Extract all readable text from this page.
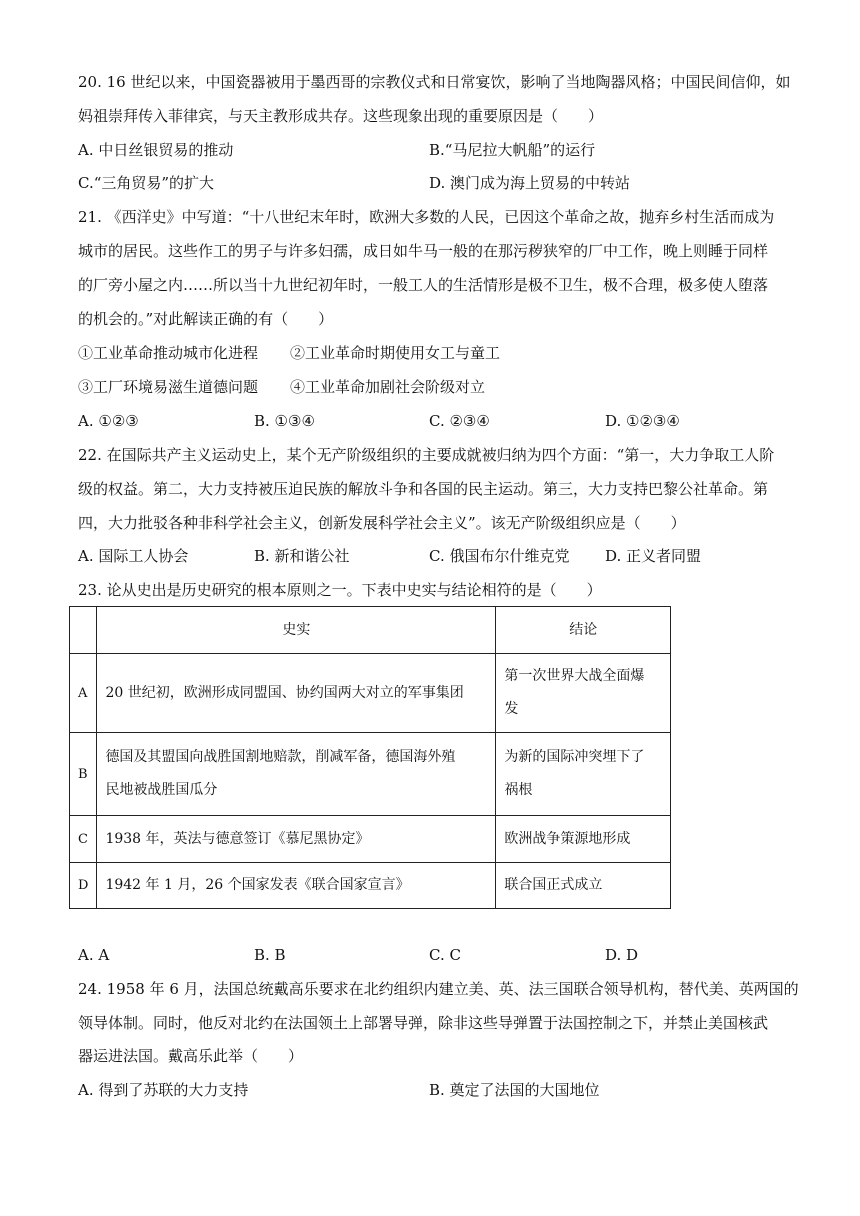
20. 16 世纪以来，中国瓷器被用于墨西哥的宗教仪式和日常宴饮，影响了当地陶器风格；中国民间信仰，如
妈祖崇拜传入菲律宾，与天主教形成共存。这些现象出现的重要原因是（　　）
A. 中日丝银贸易的推动	B.“马尼拉大帆船”的运行
C.“三角贸易”的扩大	D. 澳门成为海上贸易的中转站
21. 《西洋史》中写道：“十八世纪末年时，欧洲大多数的人民，已因这个革命之故，抛弃乡村生活而成为
城市的居民。这些作工的男子与许多妇孺，成日如牛马一般的在那污秽狭窄的厂中工作，晚上则睡于同样
的厂旁小屋之内……所以当十九世纪初年时，一般工人的生活情形是极不卫生，极不合理，极多使人堕落
的机会的。”对此解读正确的有（　　）
①工业革命推动城市化进程 ②工业革命时期使用女工与童工
③工厂环境易滋生道德问题 ④工业革命加剧社会阶级对立
A. ①②③	B. ①③④	C. ②③④	D. ①②③④
22. 在国际共产主义运动史上，某个无产阶级组织的主要成就被归纳为四个方面：“第一，大力争取工人阶
级的权益。第二，大力支持被压迫民族的解放斗争和各国的民主运动。第三，大力支持巴黎公社革命。第
四，大力批驳各种非科学社会主义，创新发展科学社会主义”。该无产阶级组织应是（　　）
A. 国际工人协会	B. 新和谐公社	C. 俄国布尔什维克党 D. 正义者同盟
23. 论从史出是历史研究的根本原则之一。下表中史实与结论相符的是（　　）
	史实	结论
A	20 世纪初，欧洲形成同盟国、协约国两大对立的军事集团	第一次世界大战全面爆
发
B	德国及其盟国向战胜国割地赔款，削减军备，德国海外殖
民地被战胜国瓜分	为新的国际冲突埋下了
祸根
C	1938 年，英法与德意签订《慕尼黑协定》	欧洲战争策源地形成
D	1942 年 1 月，26 个国家发表《联合国家宣言》	联合国正式成立
A. A	B. B	C. C	D. D
24. 1958 年 6 月，法国总统戴高乐要求在北约组织内建立美、英、法三国联合领导机构，替代美、英两国的
领导体制。同时，他反对北约在法国领土上部署导弹，除非这些导弹置于法国控制之下，并禁止美国核武
器运进法国。戴高乐此举（　　）
A. 得到了苏联的大力支持	B. 奠定了法国的大国地位
